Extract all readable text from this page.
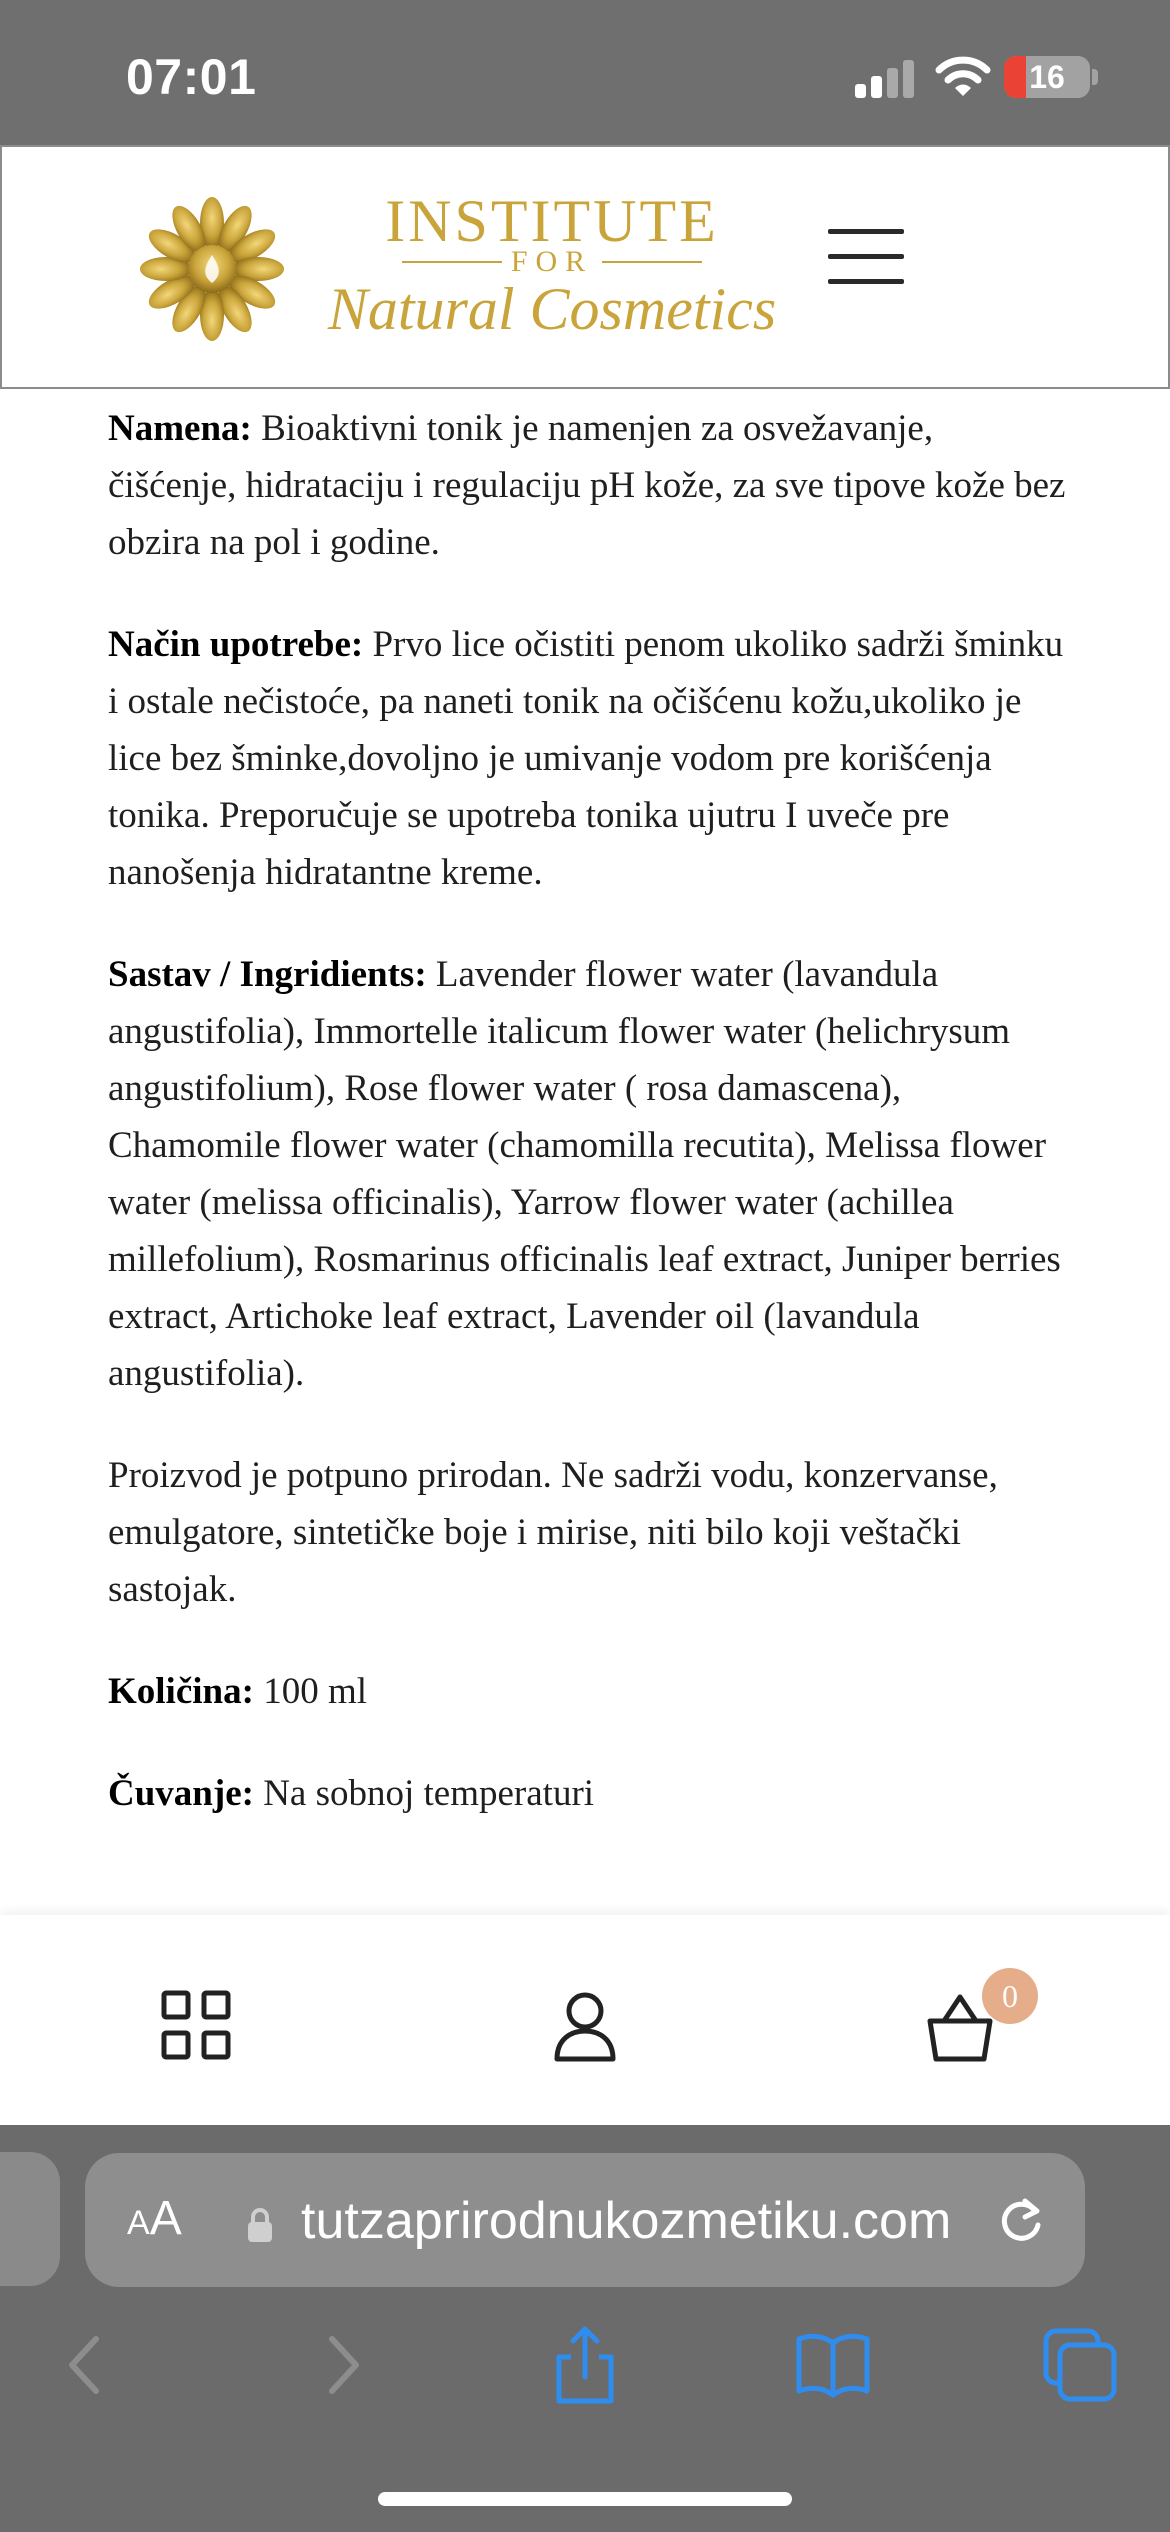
07:01	16
INSTITUTE
FOR
Natural Cosmetics

Namena: Bioaktivni tonik je namenjen za osvežavanje, čišćenje, hidrataciju i regulaciju pH kože, za sve tipove kože bez obzira na pol i godine.

Način upotrebe: Prvo lice očistiti penom ukoliko sadrži šminku i ostale nečistoće, pa naneti tonik na očišćenu kožu,ukoliko je lice bez šminke,dovoljno je umivanje vodom pre korišćenja tonika. Preporučuje se upotreba tonika ujutru I uveče pre nanošenja hidratantne kreme.

Sastav / Ingridients: Lavender flower water (lavandula angustifolia), Immortelle italicum flower water (helichrysum angustifolium), Rose flower water ( rosa damascena), Chamomile flower water (chamomilla recutita), Melissa flower water (melissa officinalis), Yarrow flower water (achillea millefolium), Rosmarinus officinalis leaf extract, Juniper berries extract, Artichoke leaf extract, Lavender oil (lavandula angustifolia).

Proizvod je potpuno prirodan. Ne sadrži vodu, konzervanse, emulgatore, sintetičke boje i mirise, niti bilo koji veštački sastojak.

Količina: 100 ml

Čuvanje: Na sobnoj temperaturi

0
AA tutzaprirodnukozmetiku.com
